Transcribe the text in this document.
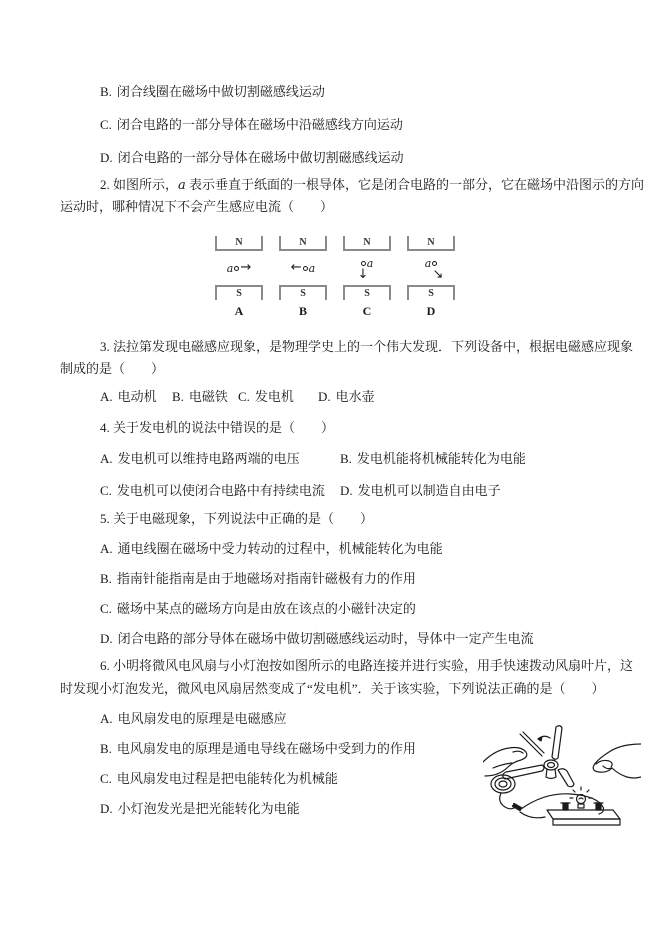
B. 闭合线圈在磁场中做切割磁感线运动
C. 闭合电路的一部分导体在磁场中沿磁感线方向运动
D. 闭合电路的一部分导体在磁场中做切割磁感线运动
2. 如图所示，a 表示垂直于纸面的一根导体，它是闭合电路的一部分，它在磁场中沿图示的方向
运动时，哪种情况下不会产生感应电流（　　）
N
a →
S
A
N
← a
S
B
N
a
↓
S
C
N
a
↘
S
D
3. 法拉第发现电磁感应现象，是物理学史上的一个伟大发现．下列设备中，根据电磁感应现象
制成的是（　　）
A. 电动机 B. 电磁铁 C. 发电机 D. 电水壶
4. 关于发电机的说法中错误的是（　　）
A. 发电机可以维持电路两端的电压	B. 发电机能将机械能转化为电能
C. 发电机可以使闭合电路中有持续电流 D. 发电机可以制造自由电子
5. 关于电磁现象，下列说法中正确的是（　　）
A. 通电线圈在磁场中受力转动的过程中，机械能转化为电能
B. 指南针能指南是由于地磁场对指南针磁极有力的作用
C. 磁场中某点的磁场方向是由放在该点的小磁针决定的
D. 闭合电路的部分导体在磁场中做切割磁感线运动时，导体中一定产生电流
6. 小明将微风电风扇与小灯泡按如图所示的电路连接并进行实验，用手快速拨动风扇叶片，这
时发现小灯泡发光，微风电风扇居然变成了“发电机”．关于该实验，下列说法正确的是（　　）
A. 电风扇发电的原理是电磁感应
B. 电风扇发电的原理是通电导线在磁场中受到力的作用
C. 电风扇发电过程是把电能转化为机械能
D. 小灯泡发光是把光能转化为电能
